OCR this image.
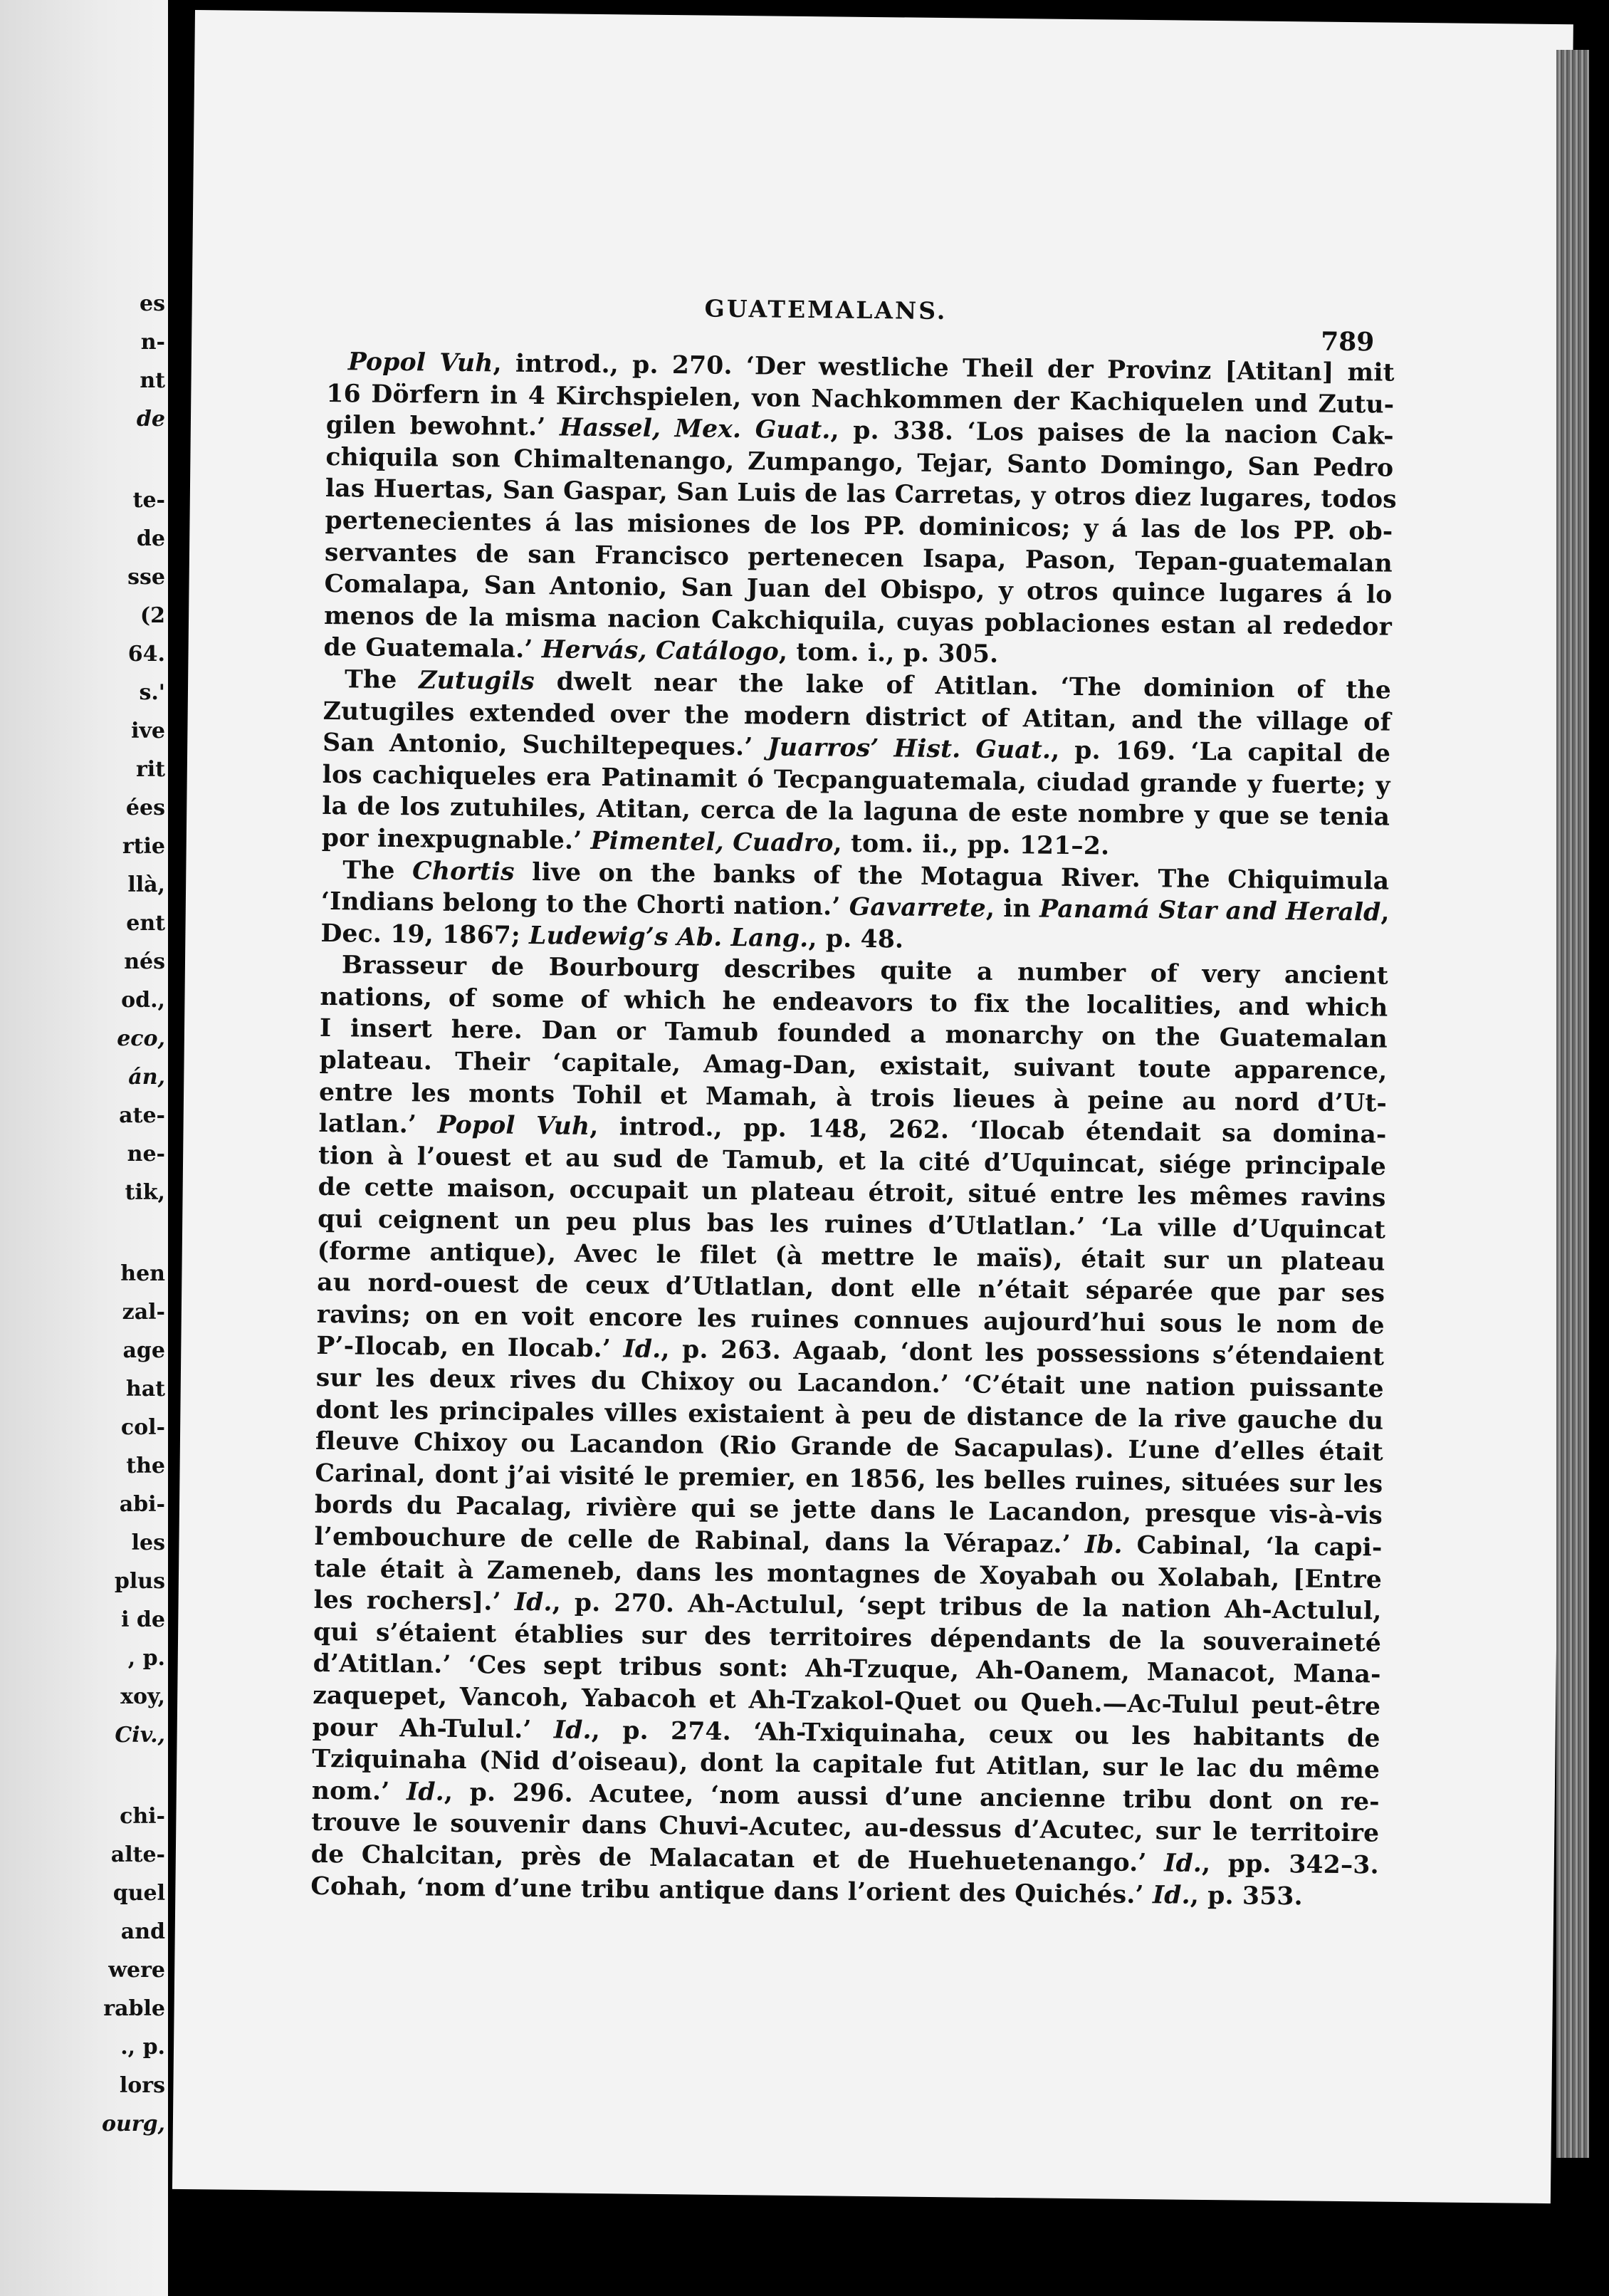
es
n-
nt
de
te-
de
sse
(2
64.
s.'
ive
rit
ées
rtie
llà,
ent
nés
od.,
eco,
án,
ate-
ne-
tik,
hen
zal-
age
hat
col-
the
abi-
les
plus
i de
, p.
xoy,
Civ.,
chi-
alte-
quel
and
were
rable
., p.
lors
ourg,
GUATEMALANS.
789
Popol Vuh, introd., p. 270. ‘Der westliche Theil der Provinz [Atitan] mit
16 Dörfern in 4 Kirchspielen, von Nachkommen der Kachiquelen und Zutu-
gilen bewohnt.’ Hassel, Mex. Guat., p. 338. ‘Los paises de la nacion Cak-
chiquila son Chimaltenango, Zumpango, Tejar, Santo Domingo, San Pedro
las Huertas, San Gaspar, San Luis de las Carretas, y otros diez lugares, todos
pertenecientes á las misiones de los PP. dominicos; y á las de los PP. ob-
servantes de san Francisco pertenecen Isapa, Pason, Tepan-guatemalan
Comalapa, San Antonio, San Juan del Obispo, y otros quince lugares á lo
menos de la misma nacion Cakchiquila, cuyas poblaciones estan al rededor
de Guatemala.’ Hervás, Catálogo, tom. i., p. 305.
The Zutugils dwelt near the lake of Atitlan. ‘The dominion of the
Zutugiles extended over the modern district of Atitan, and the village of
San Antonio, Suchiltepeques.’ Juarros’ Hist. Guat., p. 169. ‘La capital de
los cachiqueles era Patinamit ó Tecpanguatemala, ciudad grande y fuerte; y
la de los zutuhiles, Atitan, cerca de la laguna de este nombre y que se tenia
por inexpugnable.’ Pimentel, Cuadro, tom. ii., pp. 121–2.
The Chortis live on the banks of the Motagua River. The Chiquimula
‘Indians belong to the Chorti nation.’ Gavarrete, in Panamá Star and Herald,
Dec. 19, 1867; Ludewig’s Ab. Lang., p. 48.
Brasseur de Bourbourg describes quite a number of very ancient
nations, of some of which he endeavors to fix the localities, and which
I insert here. Dan or Tamub founded a monarchy on the Guatemalan
plateau. Their ‘capitale, Amag-Dan, existait, suivant toute apparence,
entre les monts Tohil et Mamah, à trois lieues à peine au nord d’Ut-
latlan.’ Popol Vuh, introd., pp. 148, 262. ‘Ilocab étendait sa domina-
tion à l’ouest et au sud de Tamub, et la cité d’Uquincat, siége principale
de cette maison, occupait un plateau étroit, situé entre les mêmes ravins
qui ceignent un peu plus bas les ruines d’Utlatlan.’ ‘La ville d’Uquincat
(forme antique), Avec le filet (à mettre le maïs), était sur un plateau
au nord-ouest de ceux d’Utlatlan, dont elle n’était séparée que par ses
ravins; on en voit encore les ruines connues aujourd’hui sous le nom de
P’-Ilocab, en Ilocab.’ Id., p. 263. Agaab, ‘dont les possessions s’étendaient
sur les deux rives du Chixoy ou Lacandon.’ ‘C’était une nation puissante
dont les principales villes existaient à peu de distance de la rive gauche du
fleuve Chixoy ou Lacandon (Rio Grande de Sacapulas). L’une d’elles était
Carinal, dont j’ai visité le premier, en 1856, les belles ruines, situées sur les
bords du Pacalag, rivière qui se jette dans le Lacandon, presque vis-à-vis
l’embouchure de celle de Rabinal, dans la Vérapaz.’ Ib. Cabinal, ‘la capi-
tale était à Zameneb, dans les montagnes de Xoyabah ou Xolabah, [Entre
les rochers].’ Id., p. 270. Ah-Actulul, ‘sept tribus de la nation Ah-Actulul,
qui s’étaient établies sur des territoires dépendants de la souveraineté
d’Atitlan.’ ‘Ces sept tribus sont: Ah-Tzuque, Ah-Oanem, Manacot, Mana-
zaquepet, Vancoh, Yabacoh et Ah-Tzakol-Quet ou Queh.—Ac-Tulul peut-être
pour Ah-Tulul.’ Id., p. 274. ‘Ah-Txiquinaha, ceux ou les habitants de
Tziquinaha (Nid d’oiseau), dont la capitale fut Atitlan, sur le lac du même
nom.’ Id., p. 296. Acutee, ‘nom aussi d’une ancienne tribu dont on re-
trouve le souvenir dans Chuvi-Acutec, au-dessus d’Acutec, sur le territoire
de Chalcitan, près de Malacatan et de Huehuetenango.’ Id., pp. 342–3.
Cohah, ‘nom d’une tribu antique dans l’orient des Quichés.’ Id., p. 353.
